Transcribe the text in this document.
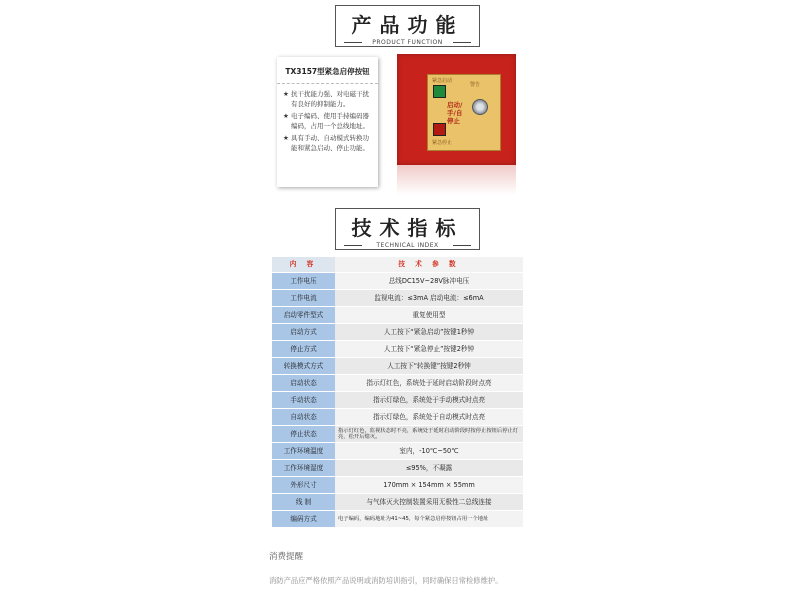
产品功能
PRODUCT FUNCTION
TX3157型紧急启停按钮
★ 抗干扰能力强、对电磁干扰有良好的抑制能力。
★ 电子编码、使用手持编码器编码，占用一个总线地址。
★ 具有手动、自动模式转换功能和紧急启动、停止功能。
紧急启动
警告
启动/
手/自
停止
紧急停止
技术指标
TECHNICAL INDEX
内 容	技 术 参 数
工作电压	总线DC15V~28V脉冲电压
工作电流	监视电流：≤3mA 启动电流：≤6mA
启动零件型式	重复使用型
启动方式	人工按下“紧急启动”按键1秒钟
停止方式	人工按下“紧急停止”按键2秒钟
转换模式方式	人工按下“转换键”按键2秒钟
启动状态	指示灯红色，系统处于延时启动阶段时点亮
手动状态	指示灯绿色，系统处于手动模式时点亮
自动状态	指示灯绿色，系统处于自动模式时点亮
停止状态	指示灯红色，监视状态时不亮，系统处于延时启动阶段时按停止按钮后停止灯亮，松开后熄灭。
工作环境温度	室内，-10℃~50℃
工作环境湿度	≤95%，不凝露
外形尺寸	170mm × 154mm × 55mm
线 制	与气体灭火控制装置采用无极性二总线连接
编码方式	电子编码，编码地址为41~45，每个紧急启停按钮占用一个地址
消费提醒
消防产品应严格依照产品说明或消防培训指引，同时确保日常检修维护。
